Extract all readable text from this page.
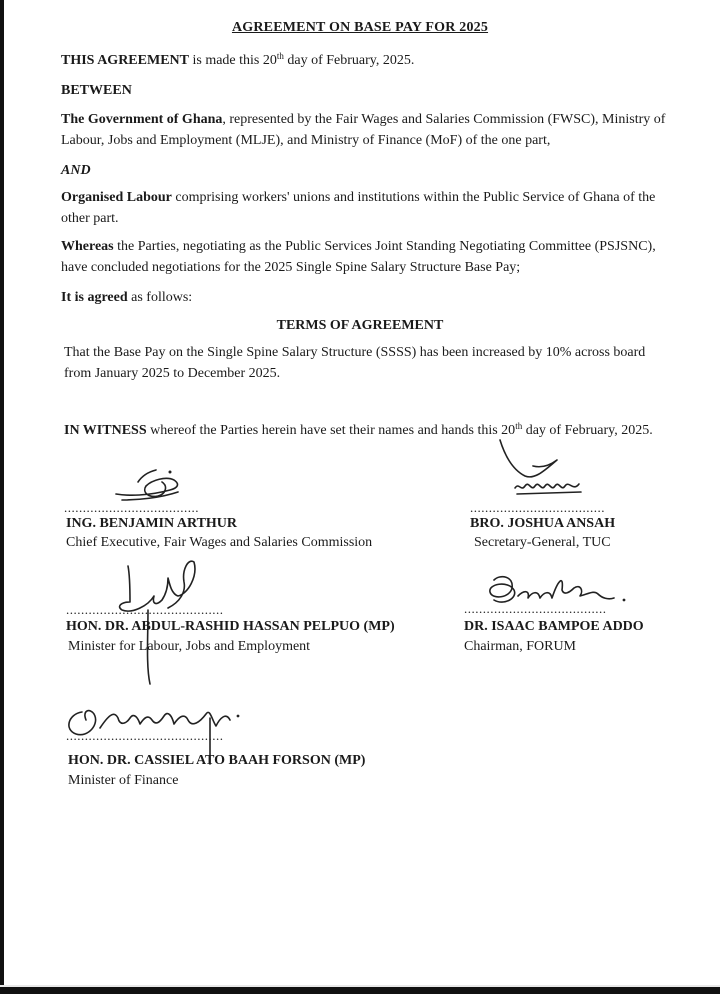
AGREEMENT ON BASE PAY FOR 2025
THIS AGREEMENT is made this 20th day of February, 2025.
BETWEEN
The Government of Ghana, represented by the Fair Wages and Salaries Commission (FWSC), Ministry of Labour, Jobs and Employment (MLJE), and Ministry of Finance (MoF) of the one part,
AND
Organised Labour comprising workers' unions and institutions within the Public Service of Ghana of the other part.
Whereas the Parties, negotiating as the Public Services Joint Standing Negotiating Committee (PSJSNC), have concluded negotiations for the 2025 Single Spine Salary Structure Base Pay;
It is agreed as follows:
TERMS OF AGREEMENT
That the Base Pay on the Single Spine Salary Structure (SSSS) has been increased by 10% across board from January 2025 to December 2025.
IN WITNESS whereof the Parties herein have set their names and hands this 20th day of February, 2025.
....................................
ING. BENJAMIN ARTHUR
Chief Executive, Fair Wages and Salaries Commission
....................................
BRO. JOSHUA ANSAH
Secretary-General, TUC
..........................................
HON. DR. ABDUL-RASHID HASSAN PELPUO (MP)
Minister for Labour, Jobs and Employment
......................................
DR. ISAAC BAMPOE ADDO
Chairman, FORUM
..........................................
HON. DR. CASSIEL ATO BAAH FORSON (MP)
Minister of Finance
